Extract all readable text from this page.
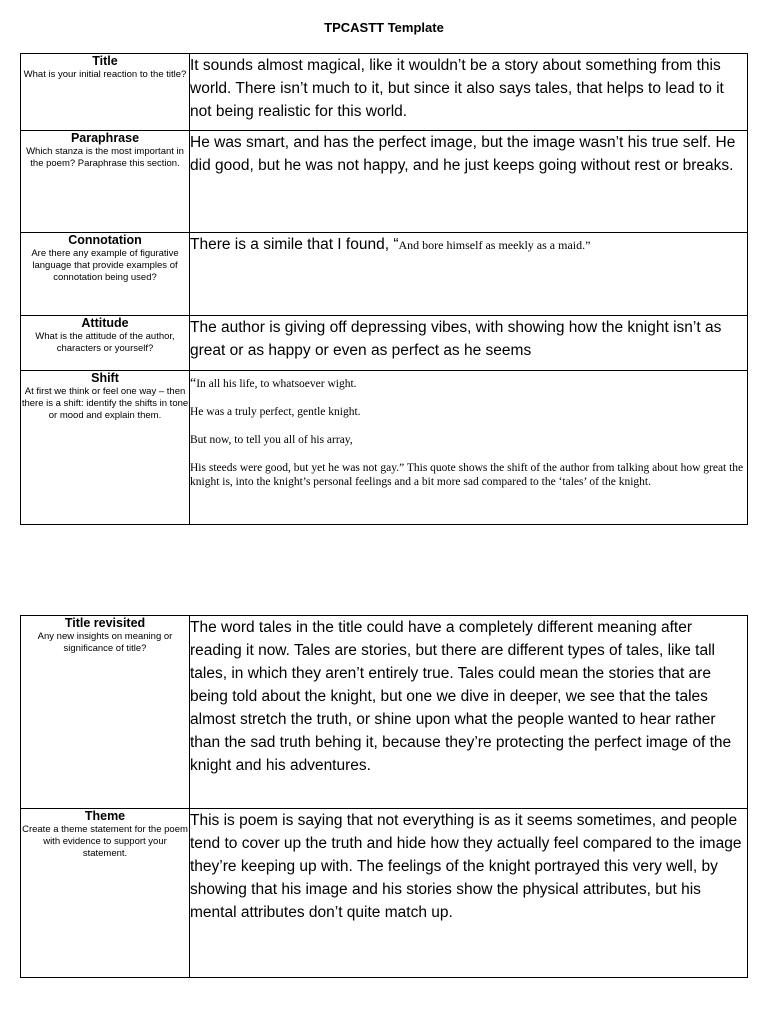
TPCASTT Template
Title
What is your initial reaction to the title?	It sounds almost magical, like it wouldn’t be a story about something from this world. There isn’t much to it, but since it also says tales, that helps to lead to it not being realistic for this world.

Paraphrase
Which stanza is the most important in the poem? Paraphrase this section.	He was smart, and has the perfect image, but the image wasn’t his true self. He did good, but he was not happy, and he just keeps going without rest or breaks.

Connotation
Are there any example of figurative language that provide examples of connotation being used?	There is a simile that I found, “And bore himself as meekly as a maid.”

Attitude
What is the attitude of the author, characters or yourself?	The author is giving off depressing vibes, with showing how the knight isn’t as great or as happy or even as perfect as he seems

Shift
At first we think or feel one way – then there is a shift: identify the shifts in tone or mood and explain them.	“In all his life, to whatsoever wight.
He was a truly perfect, gentle knight.
But now, to tell you all of his array,
His steeds were good, but yet he was not gay.” This quote shows the shift of the author from talking about how great the knight is, into the knight’s personal feelings and a bit more sad compared to the ‘tales’ of the knight.
Title revisited
Any new insights on meaning or significance of title?	The word tales in the title could have a completely different meaning after reading it now. Tales are stories, but there are different types of tales, like tall tales, in which they aren’t entirely true. Tales could mean the stories that are being told about the knight, but one we dive in deeper, we see that the tales almost stretch the truth, or shine upon what the people wanted to hear rather than the sad truth behing it, because they’re protecting the perfect image of the knight and his adventures.

Theme
Create a theme statement for the poem with evidence to support your statement.	This is poem is saying that not everything is as it seems sometimes, and people tend to cover up the truth and hide how they actually feel compared to the image they’re keeping up with. The feelings of the knight portrayed this very well, by showing that his image and his stories show the physical attributes, but his mental attributes don’t quite match up.
